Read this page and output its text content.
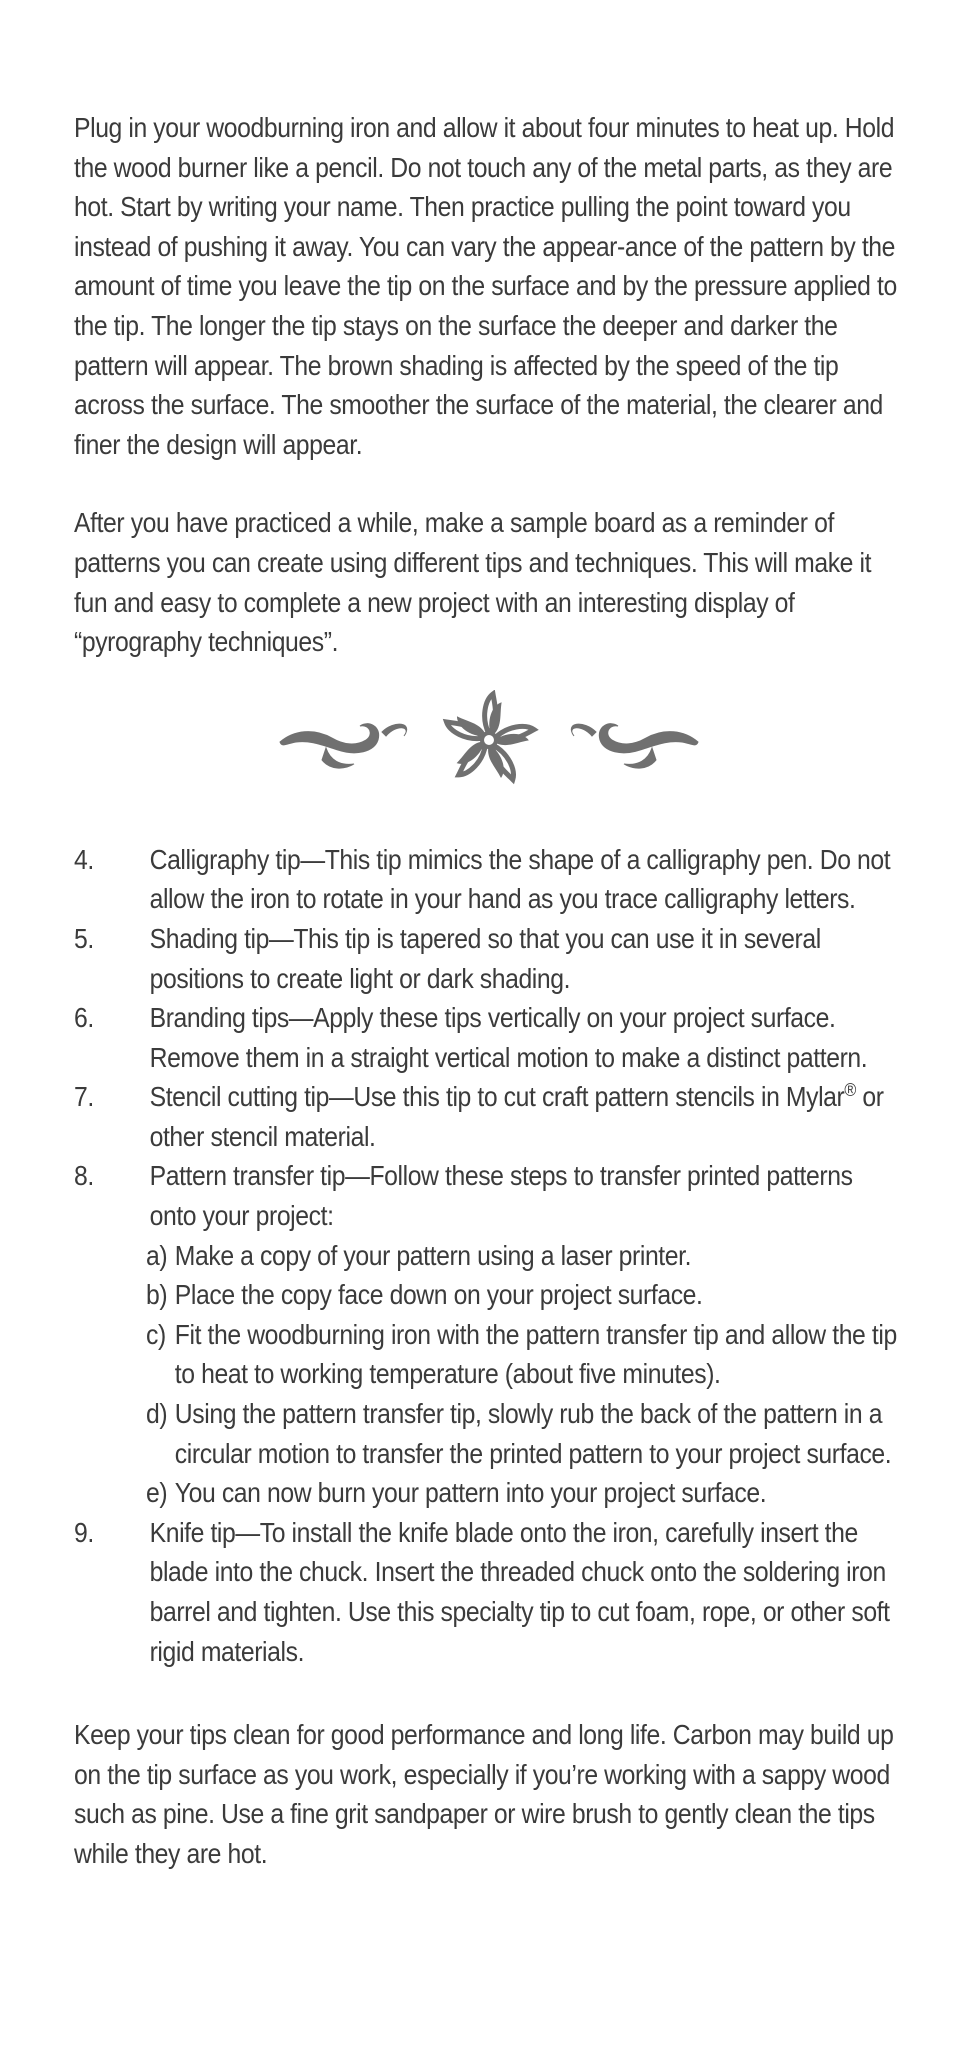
Plug in your woodburning iron and allow it about four minutes to heat up. Hold the wood burner like a pencil. Do not touch any of the metal parts, as they are hot. Start by writing your name. Then practice pulling the point toward you instead of pushing it away. You can vary the appear-ance of the pattern by the amount of time you leave the tip on the surface and by the pressure applied to the tip. The longer the tip stays on the surface the deeper and darker the pattern will appear. The brown shading is affected by the speed of the tip across the surface. The smoother the surface of the material, the clearer and finer the design will appear.

After you have practiced a while, make a sample board as a reminder of patterns you can create using different tips and techniques. This will make it fun and easy to complete a new project with an interesting display of “pyrography techniques”.

4. Calligraphy tip—This tip mimics the shape of a calligraphy pen. Do not allow the iron to rotate in your hand as you trace calligraphy letters.
5. Shading tip—This tip is tapered so that you can use it in several positions to create light or dark shading.
6. Branding tips—Apply these tips vertically on your project surface. Remove them in a straight vertical motion to make a distinct pattern.
7. Stencil cutting tip—Use this tip to cut craft pattern stencils in Mylar® or other stencil material.
8. Pattern transfer tip—Follow these steps to transfer printed patterns onto your project:
a) Make a copy of your pattern using a laser printer.
b) Place the copy face down on your project surface.
c) Fit the woodburning iron with the pattern transfer tip and allow the tip to heat to working temperature (about five minutes).
d) Using the pattern transfer tip, slowly rub the back of the pattern in a circular motion to transfer the printed pattern to your project surface.
e) You can now burn your pattern into your project surface.
9. Knife tip—To install the knife blade onto the iron, carefully insert the blade into the chuck. Insert the threaded chuck onto the soldering iron barrel and tighten. Use this specialty tip to cut foam, rope, or other soft rigid materials.

Keep your tips clean for good performance and long life. Carbon may build up on the tip surface as you work, especially if you’re working with a sappy wood such as pine. Use a fine grit sandpaper or wire brush to gently clean the tips while they are hot.
